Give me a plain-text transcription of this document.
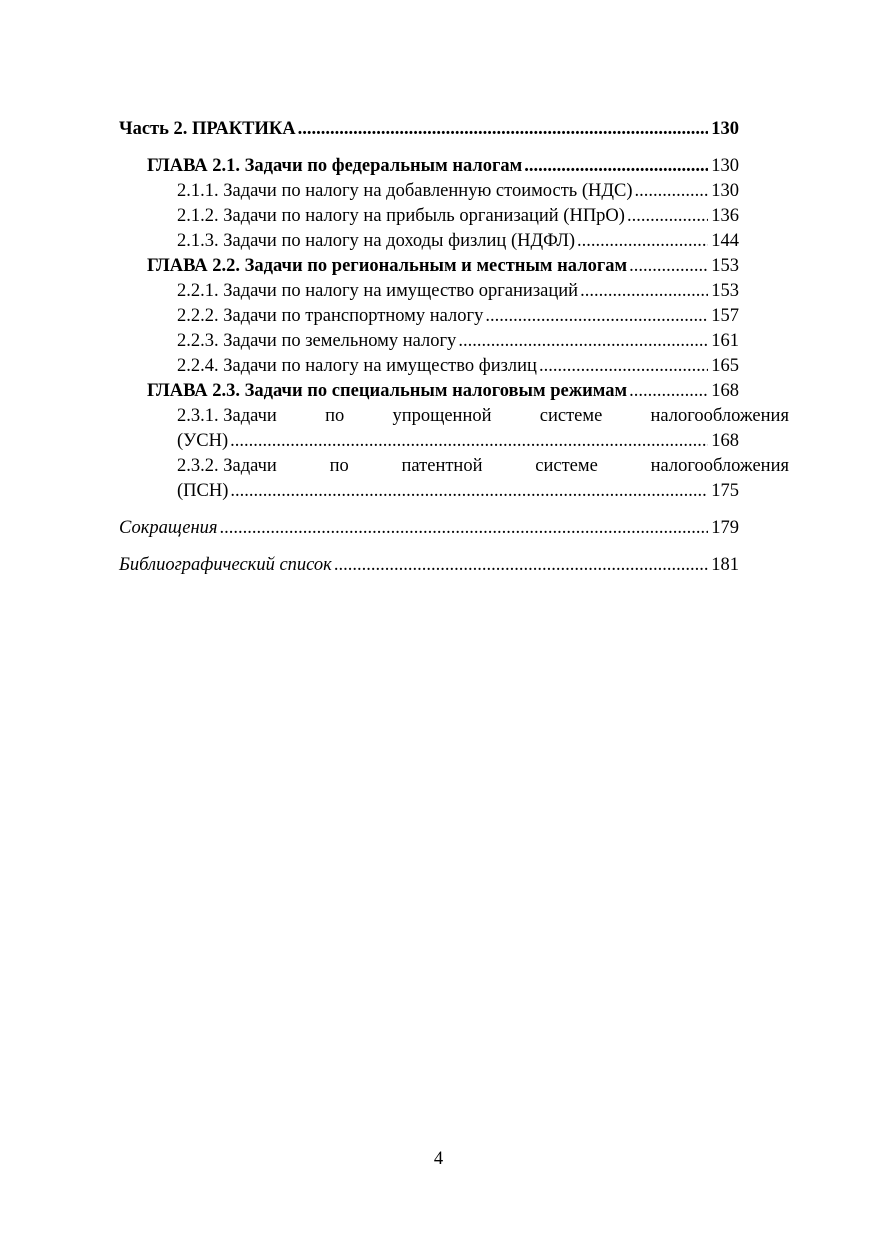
Часть 2. ПРАКТИКА .....	130
ГЛАВА 2.1. Задачи по федеральным налогам .....	130
2.1.1. Задачи по налогу на добавленную стоимость (НДС) .....	130
2.1.2. Задачи по налогу на прибыль организаций (НПрО) .....	136
2.1.3. Задачи по налогу на доходы физлиц (НДФЛ) .....	144
ГЛАВА 2.2. Задачи по региональным и местным налогам .....	153
2.2.1. Задачи по налогу на имущество организаций .....	153
2.2.2. Задачи по транспортному налогу .....	157
2.2.3. Задачи по земельному налогу .....	161
2.2.4. Задачи по налогу на имущество физлиц .....	165
ГЛАВА 2.3. Задачи по специальным налоговым режимам .....	168
2.3.1. Задачи	по	упрощенной	системе	налогообложения
(УСН) .....	168
2.3.2. Задачи	по	патентной	системе	налогообложения
(ПСН) .....	175
Сокращения .....	179
Библиографический список .....	181
4
